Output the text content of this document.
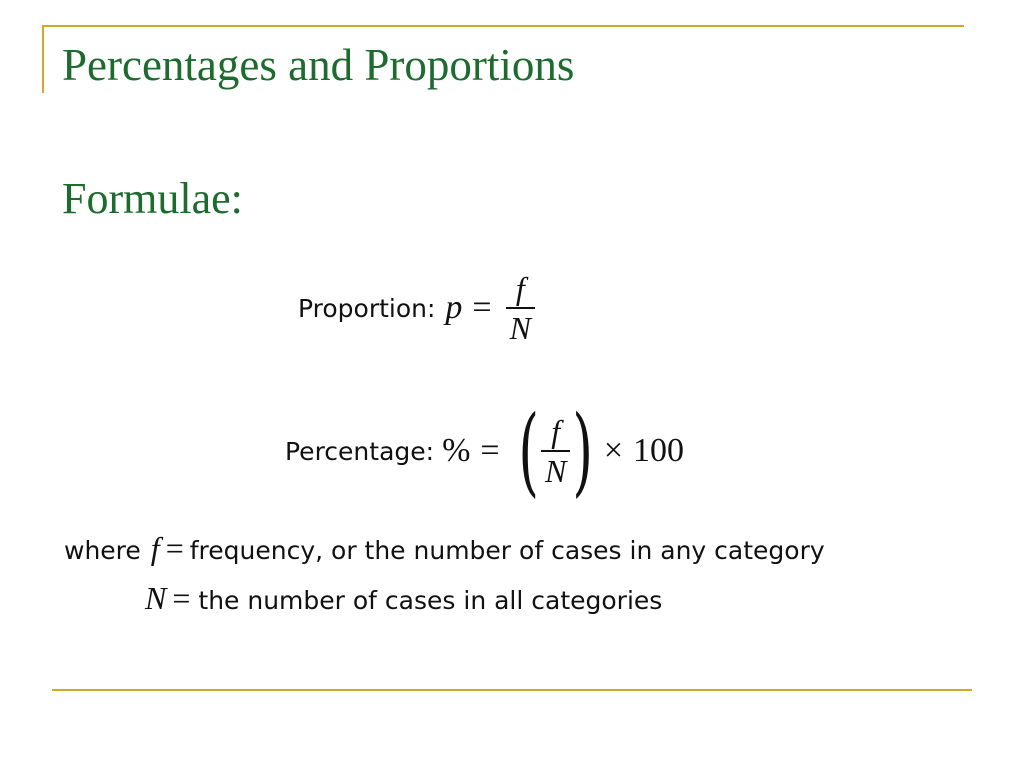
Percentages and Proportions
Formulae:
Proportion: $p = \frac{f}{N}$
Percentage: % = ( $\frac{f}{N}$ ) × 100
where f = frequency, or the number of cases in any category
N = the number of cases in all categories
